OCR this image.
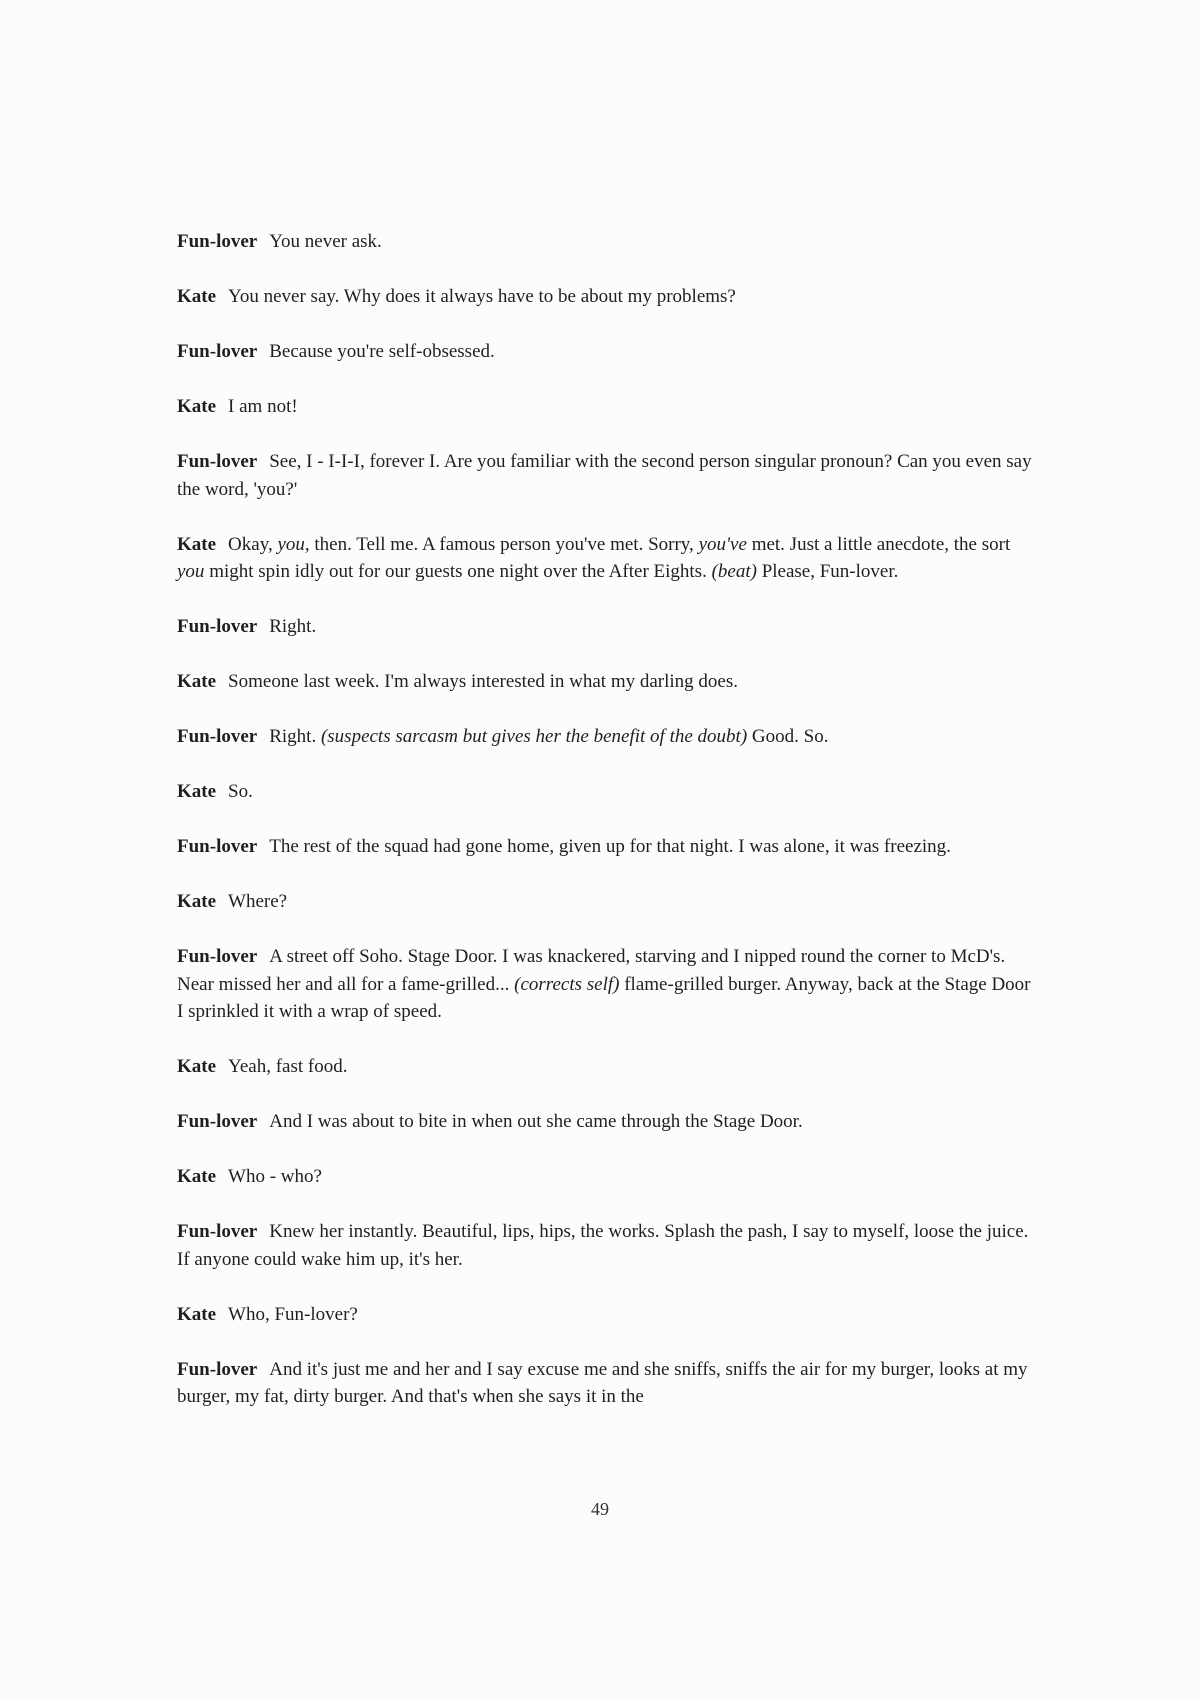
Fun-lover You never ask.
Kate You never say. Why does it always have to be about my problems?
Fun-lover Because you're self-obsessed.
Kate I am not!
Fun-lover See, I - I-I-I, forever I. Are you familiar with the second person singular pronoun? Can you even say the word, 'you?'
Kate Okay, you, then. Tell me. A famous person you've met. Sorry, you've met. Just a little anecdote, the sort you might spin idly out for our guests one night over the After Eights. (beat) Please, Fun-lover.
Fun-lover Right.
Kate Someone last week. I'm always interested in what my darling does.
Fun-lover Right. (suspects sarcasm but gives her the benefit of the doubt) Good. So.
Kate So.
Fun-lover The rest of the squad had gone home, given up for that night. I was alone, it was freezing.
Kate Where?
Fun-lover A street off Soho. Stage Door. I was knackered, starving and I nipped round the corner to McD's. Near missed her and all for a fame-grilled... (corrects self) flame-grilled burger. Anyway, back at the Stage Door I sprinkled it with a wrap of speed.
Kate Yeah, fast food.
Fun-lover And I was about to bite in when out she came through the Stage Door.
Kate Who - who?
Fun-lover Knew her instantly. Beautiful, lips, hips, the works. Splash the pash, I say to myself, loose the juice. If anyone could wake him up, it's her.
Kate Who, Fun-lover?
Fun-lover And it's just me and her and I say excuse me and she sniffs, sniffs the air for my burger, looks at my burger, my fat, dirty burger. And that's when she says it in the
49
